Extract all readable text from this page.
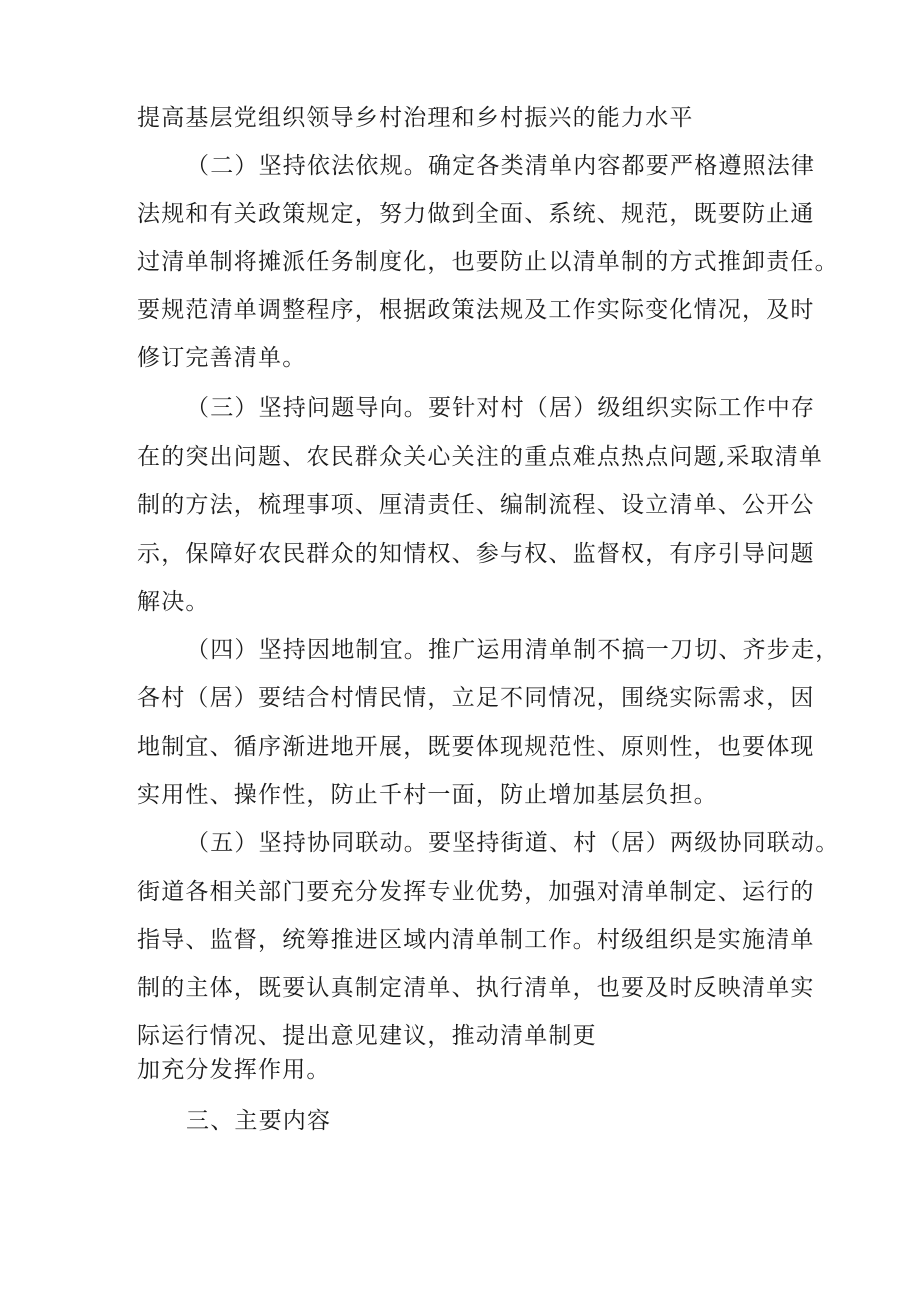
提高基层党组织领导乡村治理和乡村振兴的能力水平
（二）坚持依法依规。确定各类清单内容都要严格遵照法律
法规和有关政策规定，努力做到全面、系统、规范，既要防止通
过清单制将摊派任务制度化，也要防止以清单制的方式推卸责任。
要规范清单调整程序，根据政策法规及工作实际变化情况，及时
修订完善清单。
（三）坚持问题导向。要针对村（居）级组织实际工作中存
在的突出问题、农民群众关心关注的重点难点热点问题,采取清单
制的方法，梳理事项、厘清责任、编制流程、设立清单、公开公
示，保障好农民群众的知情权、参与权、监督权，有序引导问题
解决。
（四）坚持因地制宜。推广运用清单制不搞一刀切、齐步走，
各村（居）要结合村情民情，立足不同情况，围绕实际需求，因
地制宜、循序渐进地开展，既要体现规范性、原则性，也要体现
实用性、操作性，防止千村一面，防止增加基层负担。
（五）坚持协同联动。要坚持街道、村（居）两级协同联动。
街道各相关部门要充分发挥专业优势，加强对清单制定、运行的
指导、监督，统筹推进区域内清单制工作。村级组织是实施清单
制的主体，既要认真制定清单、执行清单，也要及时反映清单实
际运行情况、提出意见建议，推动清单制更
加充分发挥作用。
三、主要内容
